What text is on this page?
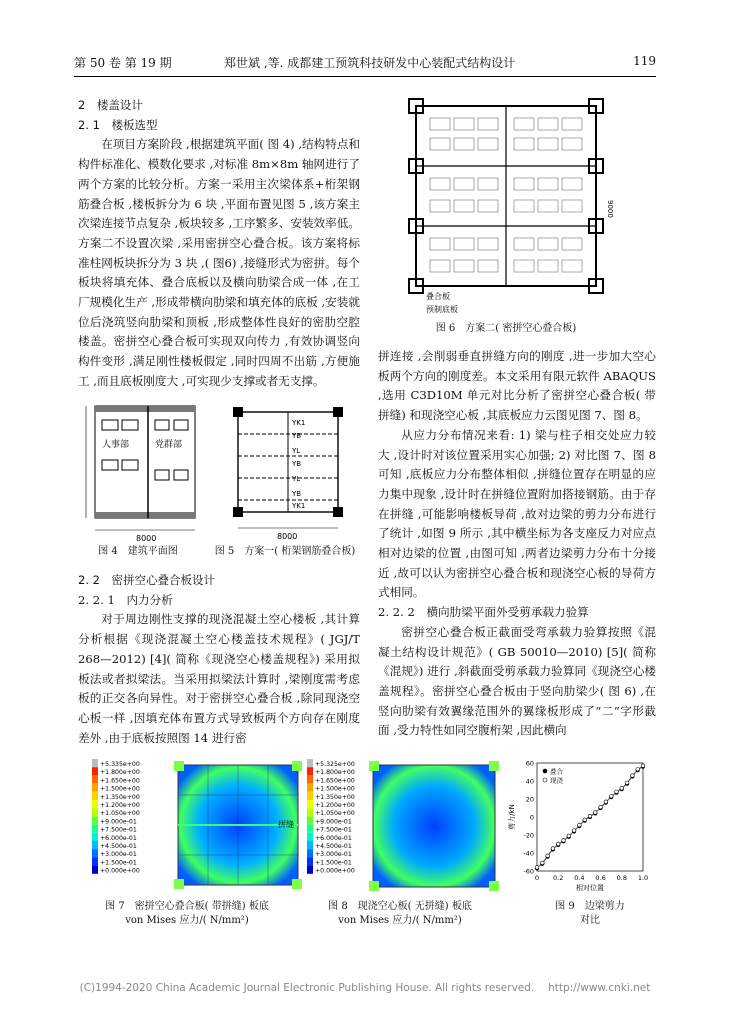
第 50 卷 第 19 期	郑世斌 ,等. 成都建工预筑科技研发中心装配式结构设计	119

2　楼盖设计

2. 1　楼板选型

在项目方案阶段 ,根据建筑平面( 图 4) ,结构特点和构件标准化、模数化要求 ,对标准 8m×8m 轴网进行了两个方案的比较分析。方案一采用主次梁体系+桁架钢筋叠合板 ,楼板拆分为 6 块 ,平面布置见图 5 ,该方案主次梁连接节点复杂 ,板块较多 ,工序繁多、安装效率低。方案二不设置次梁 ,采用密拼空心叠合板。该方案将标准柱网板块拆分为 3 块 ,( 图6) ,接缝形式为密拼。每个板块将填充体、叠合底板以及横向肋梁合成一体 ,在工厂规模化生产 ,形成带横向肋梁和填充体的底板 ,安装就位后浇筑竖向肋梁和顶板 ,形成整体性良好的密肋空腔楼盖。密拼空心叠合板可实现双向传力 ,有效协调竖向构件变形 ,满足刚性楼板假定 ,同时四周不出筋 ,方便施工 ,而且底板刚度大 ,可实现少支撑或者无支撑。

人事部	党群部
8000
YK1
YB
YL
YB
YL
YB
YK1
8000
图 4　建筑平面图	图 5　方案一( 桁架钢筋叠合板)

2. 2　密拼空心叠合板设计

2. 2. 1　内力分析

对于周边刚性支撑的现浇混凝土空心楼板 ,其计算分析根据《现浇混凝土空心楼盖技术规程》( JGJ/T 268—2012) [4]( 简称《现浇空心楼盖规程》) 采用拟板法或者拟梁法。当采用拟梁法计算时 ,梁刚度需考虑板的正交各向异性。对于密拼空心叠合板 ,除同现浇空心板一样 ,因填充体布置方式导致板两个方向存在刚度差外 ,由于底板按照图 14 进行密

叠合板
预制底板
9000
图 6　方案二( 密拼空心叠合板)

拼连接 ,会削弱垂直拼缝方向的刚度 ,进一步加大空心板两个方向的刚度差。本文采用有限元软件 ABAQUS ,选用 C3D10M 单元对比分析了密拼空心叠合板( 带拼缝) 和现浇空心板 ,其底板应力云图见图 7、图 8。

从应力分布情况来看: 1) 梁与柱子相交处应力较大 ,设计时对该位置采用实心加强; 2) 对比图 7、图 8 可知 ,底板应力分布整体相似 ,拼缝位置存在明显的应力集中现象 ,设计时在拼缝位置附加搭接钢筋。由于存在拼缝 ,可能影响楼板导荷 ,故对边梁的剪力分布进行了统计 ,如图 9 所示 ,其中横坐标为各支座反力对应点相对边梁的位置 ,由图可知 ,两者边梁剪力分布十分接近 ,故可以认为密拼空心叠合板和现浇空心板的导荷方式相同。

2. 2. 2　横向肋梁平面外受剪承载力验算

密拼空心叠合板正截面受弯承载力验算按照《混凝土结构设计规范》( GB 50010—2010) [5]( 简称《混规》) 进行 ,斜截面受剪承载力验算同《现浇空心楼盖规程》。密拼空心叠合板由于竖向肋梁少( 图 6) ,在竖向肋梁有效翼缘范围外的翼缘板形成了“二”字形截面 ,受力特性如同空腹桁架 ,因此横向

+5.335e+00
+1.800e+00
+1.650e+00
+1.500e+00
+1.350e+00
+1.200e+00
+1.050e+00
+9.000e-01
+7.500e-01
+6.000e-01
+4.500e-01
+3.000e-01
+1.500e-01
+0.000e+00
拼缝
+5.325e+00
+1.800e+00
+1.650e+00
+1.500e+00
+1.350e+00
+1.200e+00
+1.050e+00
+9.000e-01
+7.500e-01
+6.000e-01
+4.500e-01
+3.000e-01
+1.500e-01
+0.000e+00
60
40
20
0
-20
-40
-60
0 0.2 0.4 0.6 0.8 1.0
相对位置
剪力/kN
叠合
现浇
图 7　密拼空心叠合板( 带拼缝) 板底
von Mises 应力/( N/mm²)
图 8　现浇空心板( 无拼缝) 板底
von Mises 应力/( N/mm²)
图 9　边梁剪力
对比
(C)1994-2020 China Academic Journal Electronic Publishing House. All rights reserved.　 http://www.cnki.net
